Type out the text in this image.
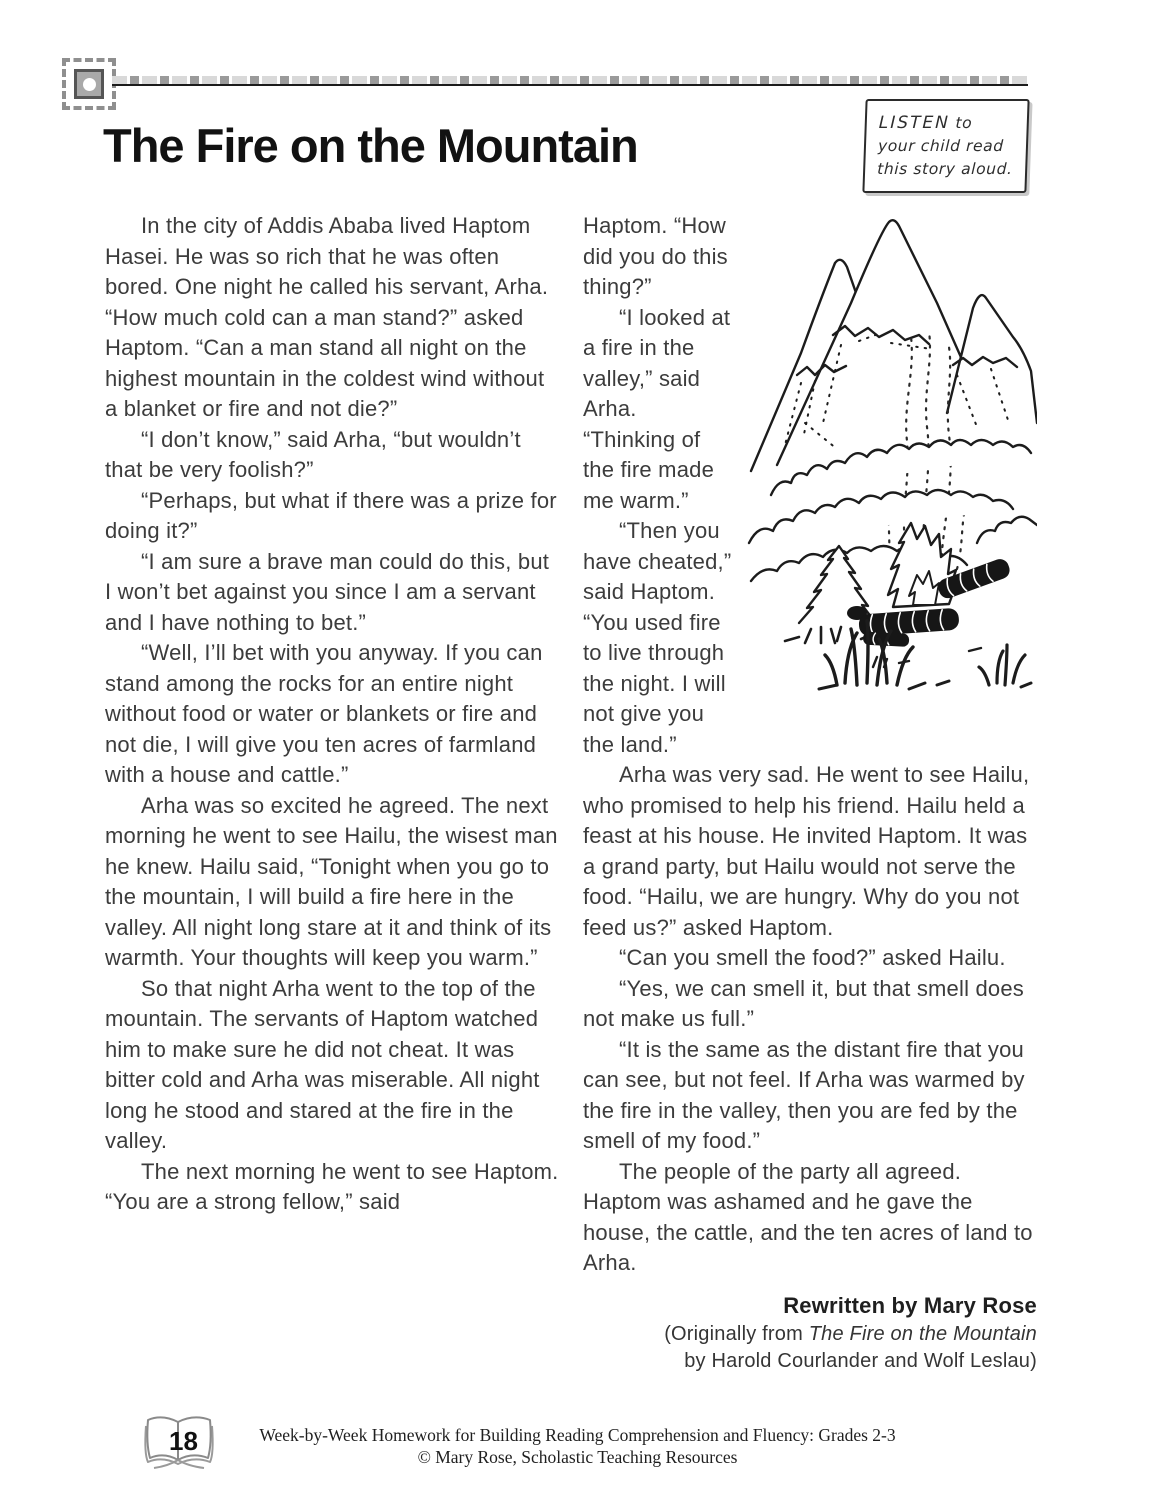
The Fire on the Mountain	LISTEN to
your child read
this story aloud.

In the city of Addis Ababa lived Haptom Hasei. He was so rich that he was often bored. One night he called his servant, Arha. “How much cold can a man stand?” asked Haptom. “Can a man stand all night on the highest mountain in the coldest wind without a blanket or fire and not die?”

“I don’t know,” said Arha, “but wouldn’t that be very foolish?”

“Perhaps, but what if there was a prize for doing it?”

“I am sure a brave man could do this, but I won’t bet against you since I am a servant and I have nothing to bet.”

“Well, I’ll bet with you anyway. If you can stand among the rocks for an entire night without food or water or blankets or fire and not die, I will give you ten acres of farmland with a house and cattle.”

Arha was so excited he agreed. The next morning he went to see Hailu, the wisest man he knew. Hailu said, “Tonight when you go to the mountain, I will build a fire here in the valley. All night long stare at it and think of its warmth. Your thoughts will keep you warm.”

So that night Arha went to the top of the mountain. The servants of Haptom watched him to make sure he did not cheat. It was bitter cold and Arha was miserable. All night long he stood and stared at the fire in the valley.

The next morning he went to see Haptom. “You are a strong fellow,” said

Haptom. “How did you do this thing?”

“I looked at a fire in the valley,” said Arha. “Thinking of the fire made me warm.”

“Then you have cheated,” said Haptom. “You used fire to live through the night. I will not give you the land.”

Arha was very sad. He went to see Hailu, who promised to help his friend. Hailu held a feast at his house. He invited Haptom. It was a grand party, but Hailu would not serve the food. “Hailu, we are hungry. Why do you not feed us?” asked Haptom.

“Can you smell the food?” asked Hailu.

“Yes, we can smell it, but that smell does not make us full.”

“It is the same as the distant fire that you can see, but not feel. If Arha was warmed by the fire in the valley, then you are fed by the smell of my food.”

The people of the party all agreed. Haptom was ashamed and he gave the house, the cattle, and the ten acres of land to Arha.

Rewritten by Mary Rose
(Originally from The Fire on the Mountain
by Harold Courlander and Wolf Leslau)
18	Week-by-Week Homework for Building Reading Comprehension and Fluency: Grades 2-3
© Mary Rose, Scholastic Teaching Resources
